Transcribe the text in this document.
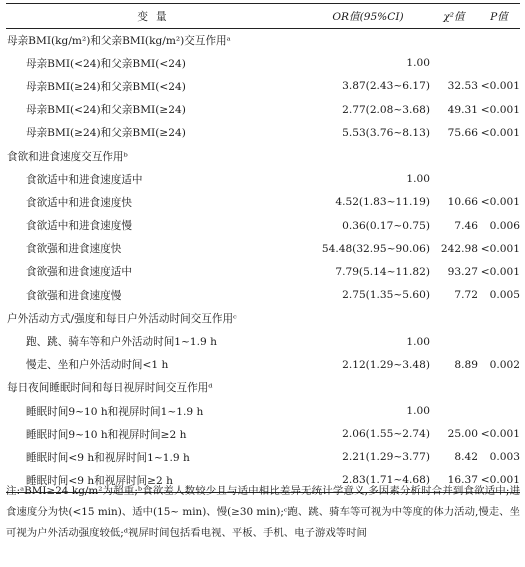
变量	OR值(95%CI)	χ²值	P值
母亲BMI(kg/m²)和父亲BMI(kg/m²)交互作用ᵃ			
母亲BMI(<24)和父亲BMI(<24)	1.00		
母亲BMI(≥24)和父亲BMI(<24)	3.87(2.43~6.17)	32.53	<0.001
母亲BMI(<24)和父亲BMI(≥24)	2.77(2.08~3.68)	49.31	<0.001
母亲BMI(≥24)和父亲BMI(≥24)	5.53(3.76~8.13)	75.66	<0.001
食欲和进食速度交互作用ᵇ			
食欲适中和进食速度适中	1.00		
食欲适中和进食速度快	4.52(1.83~11.19)	10.66	<0.001
食欲适中和进食速度慢	0.36(0.17~0.75)	7.46	0.006
食欲强和进食速度快	54.48(32.95~90.06)	242.98	<0.001
食欲强和进食速度适中	7.79(5.14~11.82)	93.27	<0.001
食欲强和进食速度慢	2.75(1.35~5.60)	7.72	0.005
户外活动方式/强度和每日户外活动时间交互作用ᶜ			
跑、跳、骑车等和户外活动时间1~1.9 h	1.00		
慢走、坐和户外活动时间<1 h	2.12(1.29~3.48)	8.89	0.002
每日夜间睡眠时间和每日视屏时间交互作用ᵈ			
睡眠时间9~10 h和视屏时间1~1.9 h	1.00		
睡眠时间9~10 h和视屏时间≥2 h	2.06(1.55~2.74)	25.00	<0.001
睡眠时间<9 h和视屏时间1~1.9 h	2.21(1.29~3.77)	8.42	0.003
睡眠时间<9 h和视屏时间≥2 h	2.83(1.71~4.68)	16.37	<0.001
注:ᵃBMI≥24 kg/m²为超重;ᵇ食欲差人数较少且与适中相比差异无统计学意义,多因素分析时合并到食欲适中;进食速度分为快(<15 min)、适中(15~ min)、慢(≥30 min);ᶜ跑、跳、骑车等可视为中等度的体力活动,慢走、坐可视为户外活动强度较低;ᵈ视屏时间包括看电视、平板、手机、电子游戏等时间
